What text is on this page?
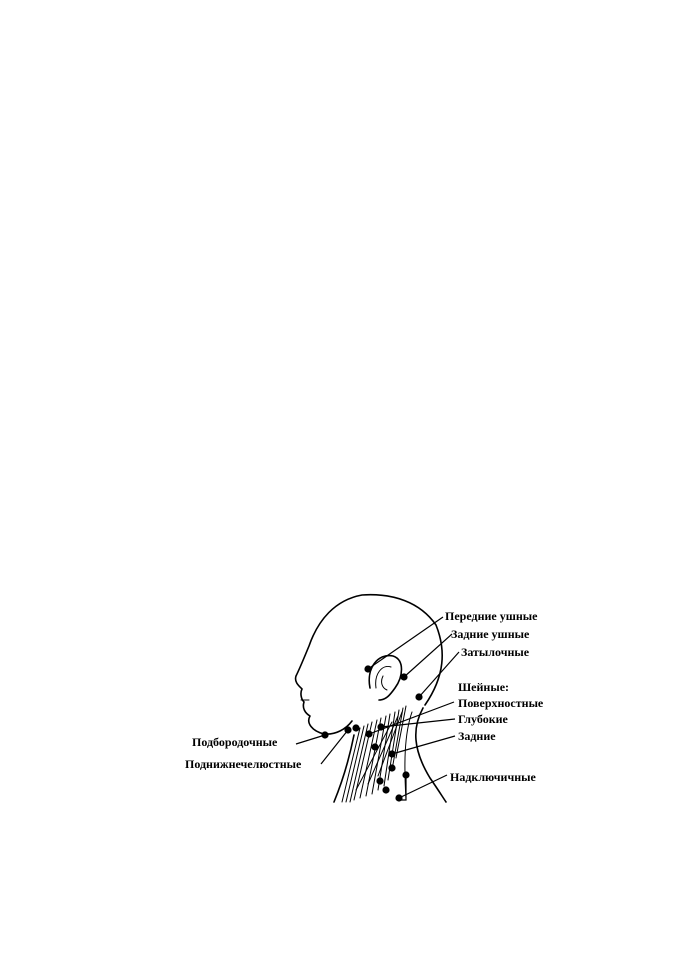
Передние ушные
Задние ушные
Затылочные
Шейные:
Поверхностные
Глубокие
Задние
Надключичные
Подбородочные
Поднижнечелюстные
